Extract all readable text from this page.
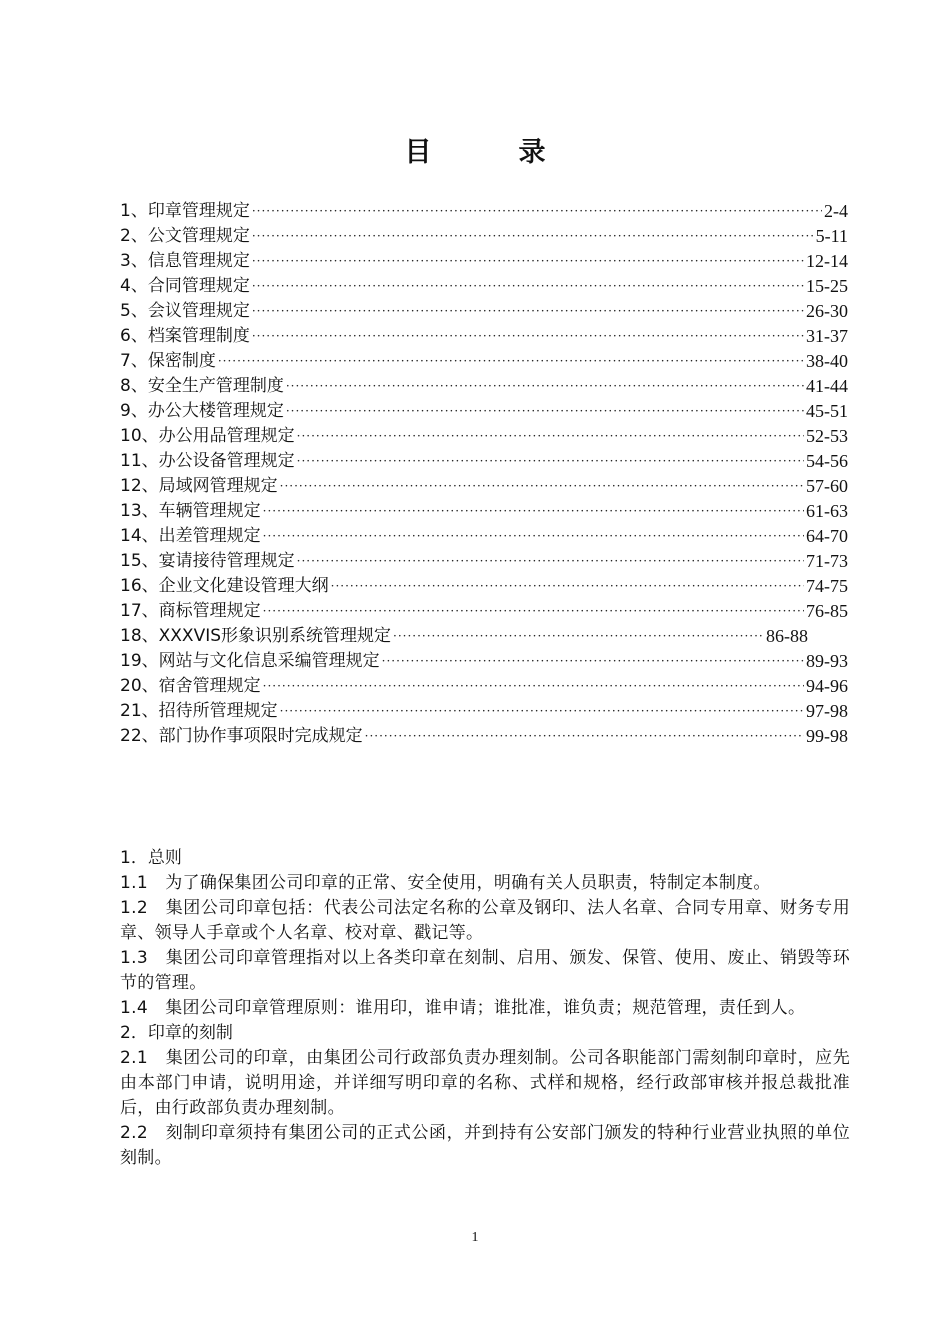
目　录
1、 印章管理规定 ·····	2-4
2、 公文管理规定 ·····	5-11
3、 信息管理规定 ·····	12-14
4、 合同管理规定 ·····	15-25
5、 会议管理规定 ·····	26-30
6、 档案管理制度 ·····	31-37
7、 保密制度 ·····	38-40
8、 安全生产管理制度 ·····	41-44
9、 办公大楼管理规定 ·····	45-51
10、 办公用品管理规定 ·····	52-53
11、 办公设备管理规定 ·····	54-56
12、 局域网管理规定 ·····	57-60
13、 车辆管理规定 ·····	61-63
14、 出差管理规定 ·····	64-70
15、 宴请接待管理规定 ·····	71-73
16、 企业文化建设管理大纲 ·····	74-75
17、 商标管理规定 ·····	76-85
18、 XXXVIS形象识别系统管理规定 ·····	86-88
19、 网站与文化信息采编管理规定 ·····	89-93
20、 宿舍管理规定 ·····	94-96
21、 招待所管理规定 ·····	97-98
22、 部门协作事项限时完成规定 ·····	99-98

1．总则

1.1　为了确保集团公司印章的正常、安全使用，明确有关人员职责，特制定本制度。

1.2　集团公司印章包括：代表公司法定名称的公章及钢印、法人名章、合同专用章、财务专用章、领导人手章或个人名章、校对章、戳记等。

1.3　集团公司印章管理指对以上各类印章在刻制、启用、颁发、保管、使用、废止、销毁等环节的管理。

1.4　集团公司印章管理原则：谁用印，谁申请；谁批准，谁负责；规范管理，责任到人。

2．印章的刻制

2.1　集团公司的印章，由集团公司行政部负责办理刻制。公司各职能部门需刻制印章时，应先由本部门申请，说明用途，并详细写明印章的名称、式样和规格，经行政部审核并报总裁批准后，由行政部负责办理刻制。

2.2　刻制印章须持有集团公司的正式公函，并到持有公安部门颁发的特种行业营业执照的单位刻制。

1
